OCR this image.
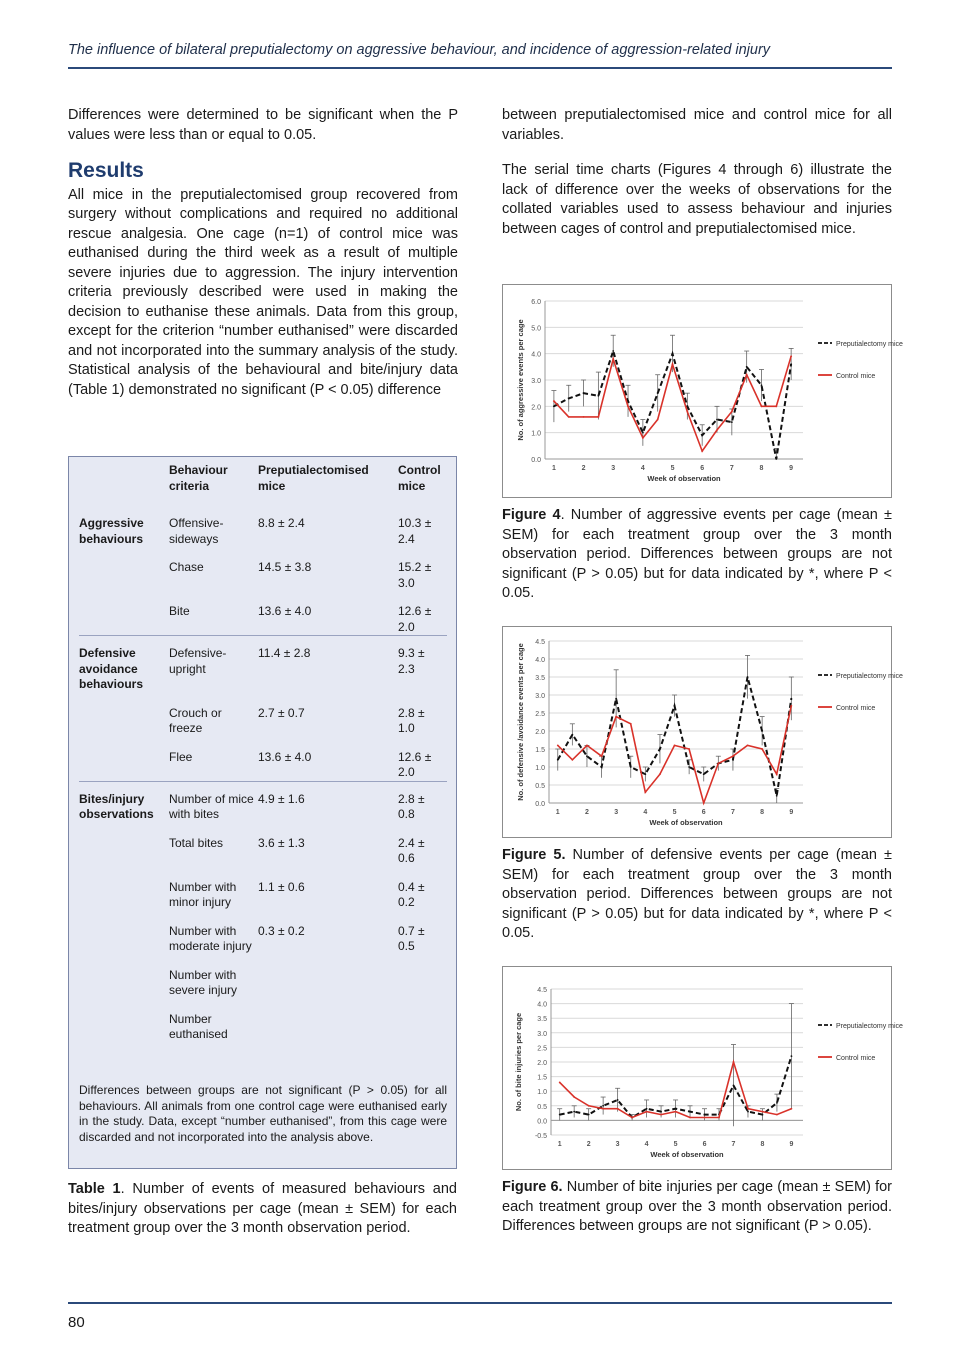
The influence of bilateral preputialectomy on aggressive behaviour, and incidence of aggression-related injury

Differences were determined to be significant when the P values were less than or equal to 0.05.

Results

All mice in the preputialectomised group recovered from surgery without complications and required no additional rescue analgesia. One cage (n=1) of control mice was euthanised during the third week as a result of multiple severe injuries due to aggression. The injury intervention criteria previously described were used in making the decision to euthanise these animals. Data from this group, except for the criterion “number euthanised” were discarded and not incorporated into the summary analysis of the study. Statistical analysis of the behavioural and bite/injury data (Table 1) demonstrated no significant (P < 0.05) difference

between preputialectomised mice and control mice for all variables.

The serial time charts (Figures 4 through 6) illustrate the lack of difference over the weeks of observations for the collated variables used to assess behaviour and injuries between cages of control and preputialectomised mice.

	Behaviour criteria	Preputialectomised mice	Control mice
Aggressive behaviours	Offensive-sideways	8.8 ± 2.4	10.3 ± 2.4
	Chase	14.5 ± 3.8	15.2 ± 3.0
	Bite	13.6 ± 4.0	12.6 ± 2.0

Defensive avoidance behaviours	Defensive-upright	11.4 ± 2.8	9.3 ± 2.3
	Crouch or freeze	2.7 ± 0.7	2.8 ± 1.0
	Flee	13.6 ± 4.0	12.6 ± 2.0

Bites/injury observations	Number of mice with bites	4.9 ± 1.6	2.8 ± 0.8
	Total bites	3.6 ± 1.3	2.4 ± 0.6
	Number with minor injury	1.1 ± 0.6	0.4 ± 0.2
	Number with moderate injury	0.3 ± 0.2	0.7 ± 0.5
	Number with severe injury		
	Number euthanised		
Differences between groups are not significant (P > 0.05) for all behaviours. All animals from one control cage were euthanised early in the study. Data, except “number euthanised”, from this cage were discarded and not incorporated into the analysis above.
Table 1. Number of events of measured behaviours and bites/injury observations per cage (mean ± SEM) for each treatment group over the 3 month observation period.
0.0
1.0
2.0
3.0
4.0
5.0
6.0
1	2	3	4	5	6	7	8	9
Week of observation
No. of aggressive events per cage	Preputialectomy mice
Control mice
Figure 4. Number of aggressive events per cage (mean ± SEM) for each treatment group over the 3 month observation period. Differences between groups are not significant (P > 0.05) but for data indicated by *, where P < 0.05.
0.0
0.5
1.0
1.5
2.0
2.5
3.0
3.5
4.0
4.5
1	2	3	4	5	6	7	8	9
Week of observation
No. of defensive /avoidance events per cage	Preputialectomy mice
Control mice
Figure 5. Number of defensive events per cage (mean ± SEM) for each treatment group over the 3 month observation period. Differences between groups are not significant (P > 0.05) but for data indicated by *, where P < 0.05.
-0.5
0.0
0.5
1.0
1.5
2.0
2.5
3.0
3.5
4.0
4.5
1	2	3	4	5	6	7	8	9
Week of observation
No. of bite injuries per cage	Preputialectomy mice
Control mice
Figure 6. Number of bite injuries per cage (mean ± SEM) for each treatment group over the 3 month observation period. Differences between groups are not significant (P > 0.05).
80
